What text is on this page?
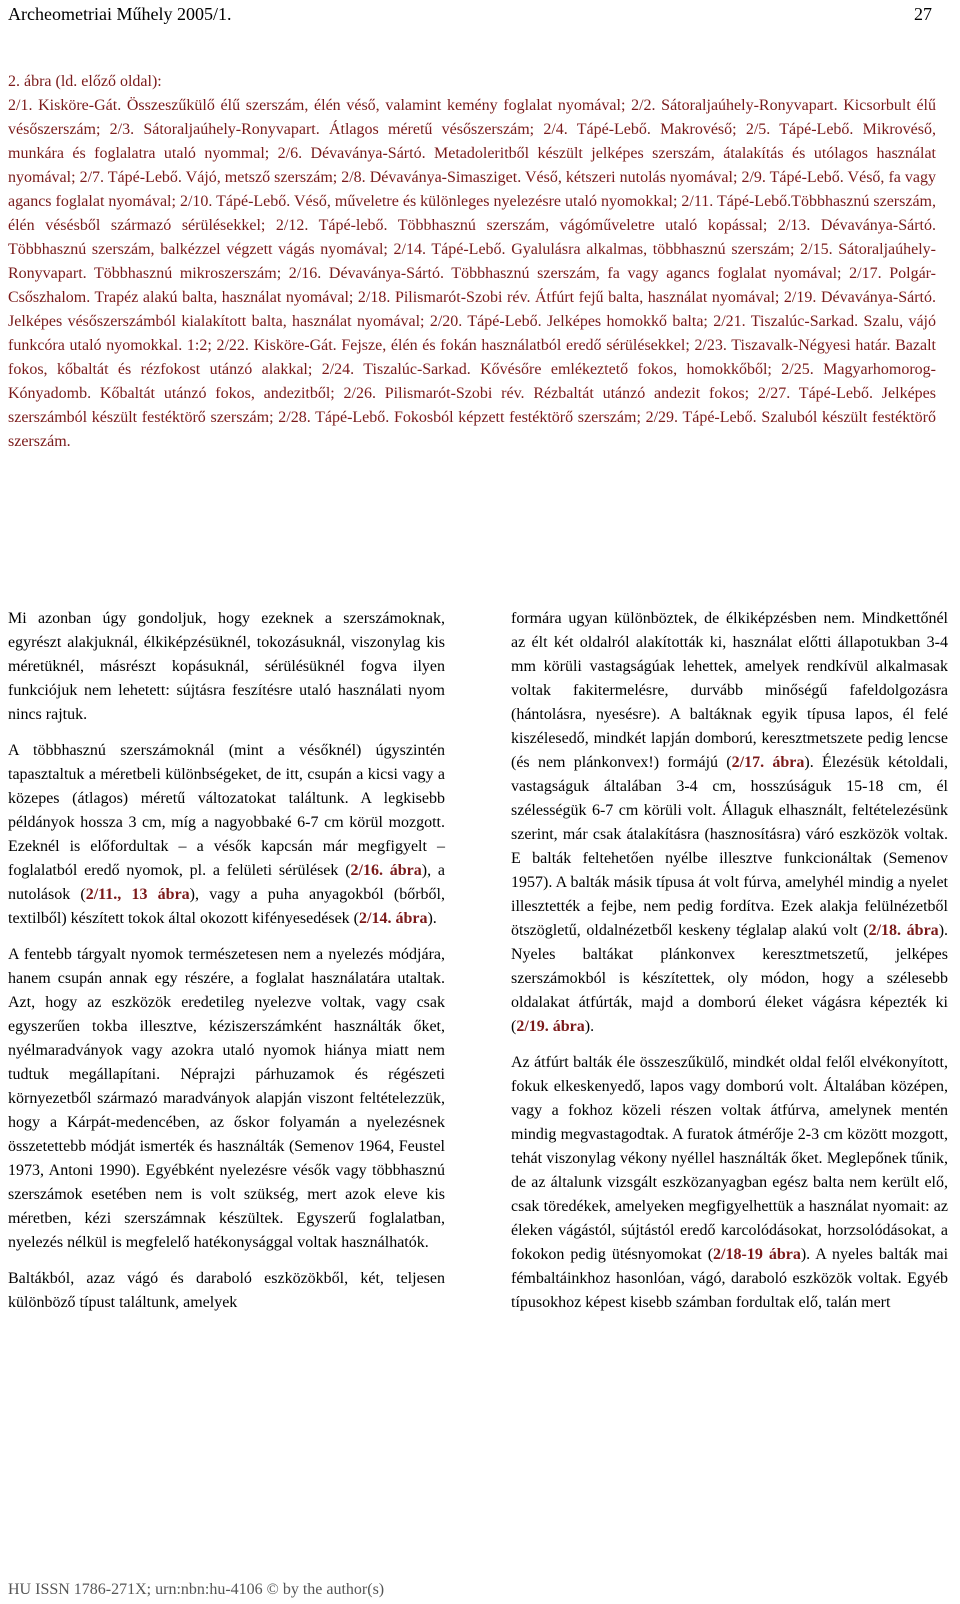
Archeometriai Műhely 2005/1.	27
2. ábra (ld. előző oldal):
2/1. Kisköre-Gát. Összeszűkülő élű szerszám, élén véső, valamint kemény foglalat nyomával; 2/2. Sátoraljaúhely-Ronyvapart. Kicsorbult élű vésőszerszám; 2/3. Sátoraljaúhely-Ronyvapart. Átlagos méretű vésőszerszám; 2/4. Tápé-Lebő. Makrovéső; 2/5. Tápé-Lebő. Mikrovéső, munkára és foglalatra utaló nyommal; 2/6. Dévaványa-Sártó. Metadoleritből készült jelképes szerszám, átalakítás és utólagos használat nyomával; 2/7. Tápé-Lebő. Vájó, metsző szerszám; 2/8. Dévaványa-Simasziget. Véső, kétszeri nutolás nyomával; 2/9. Tápé-Lebő. Véső, fa vagy agancs foglalat nyomával; 2/10. Tápé-Lebő. Véső, műveletre és különleges nyelezésre utaló nyomokkal; 2/11. Tápé-Lebő.Többhasznú szerszám, élén vésésből származó sérülésekkel; 2/12. Tápé-lebő. Többhasznú szerszám, vágóműveletre utaló kopással; 2/13. Dévaványa-Sártó. Többhasznú szerszám, balkézzel végzett vágás nyomával; 2/14. Tápé-Lebő. Gyalulásra alkalmas, többhasznú szerszám; 2/15. Sátoraljaúhely-Ronyvapart. Többhasznú mikroszerszám; 2/16. Dévaványa-Sártó. Többhasznú szerszám, fa vagy agancs foglalat nyomával; 2/17. Polgár-Csőszhalom. Trapéz alakú balta, használat nyomával; 2/18. Pilismarót-Szobi rév. Átfúrt fejű balta, használat nyomával; 2/19. Dévaványa-Sártó. Jelképes vésőszerszámból kialakított balta, használat nyomával; 2/20. Tápé-Lebő. Jelképes homokkő balta; 2/21. Tiszalúc-Sarkad. Szalu, vájó funkcóra utaló nyomokkal. 1:2; 2/22. Kisköre-Gát. Fejsze, élén és fokán használatból eredő sérülésekkel; 2/23. Tiszavalk-Négyesi határ. Bazalt fokos, kőbaltát és rézfokost utánzó alakkal; 2/24. Tiszalúc-Sarkad. Kővésőre emlékeztető fokos, homokkőből; 2/25. Magyarhomorog-Kónyadomb. Kőbaltát utánzó fokos, andezitből; 2/26. Pilismarót-Szobi rév. Rézbaltát utánzó andezit fokos; 2/27. Tápé-Lebő. Jelképes szerszámból készült festéktörő szerszám; 2/28. Tápé-Lebő. Fokosból képzett festéktörő szerszám; 2/29. Tápé-Lebő. Szaluból készült festéktörő szerszám.

Mi azonban úgy gondoljuk, hogy ezeknek a szerszámoknak, egyrészt alakjuknál, élkiképzésüknél, tokozásuknál, viszonylag kis méretüknél, másrészt kopásuknál, sérülésüknél fogva ilyen funkciójuk nem lehetett: sújtásra feszítésre utaló használati nyom nincs rajtuk.

A többhasznú szerszámoknál (mint a vésőknél) úgyszintén tapasztaltuk a méretbeli különbségeket, de itt, csupán a kicsi vagy a közepes (átlagos) méretű változatokat találtunk. A legkisebb példányok hossza 3 cm, míg a nagyobbaké 6-7 cm körül mozgott. Ezeknél is előfordultak – a vésők kapcsán már megfigyelt – foglalatból eredő nyomok, pl. a felületi sérülések (2/16. ábra), a nutolások (2/11., 13 ábra), vagy a puha anyagokból (bőrből, textilből) készített tokok által okozott kifényesedések (2/14. ábra).

A fentebb tárgyalt nyomok természetesen nem a nyelezés módjára, hanem csupán annak egy részére, a foglalat használatára utaltak. Azt, hogy az eszközök eredetileg nyelezve voltak, vagy csak egyszerűen tokba illesztve, kéziszerszámként használták őket, nyélmaradványok vagy azokra utaló nyomok hiánya miatt nem tudtuk megállapítani. Néprajzi párhuzamok és régészeti környezetből származó maradványok alapján viszont feltételezzük, hogy a Kárpát-medencében, az őskor folyamán a nyelezésnek összetettebb módját ismerték és használták (Semenov 1964, Feustel 1973, Antoni 1990). Egyébként nyelezésre vésők vagy többhasznú szerszámok esetében nem is volt szükség, mert azok eleve kis méretben, kézi szerszámnak készültek. Egyszerű foglalatban, nyelezés nélkül is megfelelő hatékonysággal voltak használhatók.

Baltákból, azaz vágó és daraboló eszközökből, két, teljesen különböző típust találtunk, amelyek

formára ugyan különböztek, de élkiképzésben nem. Mindkettőnél az élt két oldalról alakították ki, használat előtti állapotukban 3-4 mm körüli vastagságúak lehettek, amelyek rendkívül alkalmasak voltak fakitermelésre, durvább minőségű fafeldolgozásra (hántolásra, nyesésre). A baltáknak egyik típusa lapos, él felé kiszélesedő, mindkét lapján domború, keresztmetszete pedig lencse (és nem plánkonvex!) formájú (2/17. ábra). Élezésük kétoldali, vastagságuk általában 3-4 cm, hosszúságuk 15-18 cm, él szélességük 6-7 cm körüli volt. Állaguk elhasznált, feltételezésünk szerint, már csak átalakításra (hasznosításra) váró eszközök voltak. E balták feltehetően nyélbe illesztve funkcionáltak (Semenov 1957). A balták másik típusa át volt fúrva, amelyhél mindig a nyelet illesztették a fejbe, nem pedig fordítva. Ezek alakja felülnézetből ötszögletű, oldalnézetből keskeny téglalap alakú volt (2/18. ábra). Nyeles baltákat plánkonvex keresztmetszetű, jelképes szerszámokból is készítettek, oly módon, hogy a szélesebb oldalakat átfúrták, majd a domború éleket vágásra képezték ki (2/19. ábra).

Az átfúrt balták éle összeszűkülő, mindkét oldal felől elvékonyított, fokuk elkeskenyedő, lapos vagy domború volt. Általában középen, vagy a fokhoz közeli részen voltak átfúrva, amelynek mentén mindig megvastagodtak. A furatok átmérője 2-3 cm között mozgott, tehát viszonylag vékony nyéllel használták őket. Meglepőnek tűnik, de az általunk vizsgált eszközanyagban egész balta nem került elő, csak töredékek, amelyeken megfigyelhettük a használat nyomait: az éleken vágástól, sújtástól eredő karcolódásokat, horzsolódásokat, a fokokon pedig ütésnyomokat (2/18-19 ábra). A nyeles balták mai fémbaltáinkhoz hasonlóan, vágó, daraboló eszközök voltak. Egyéb típusokhoz képest kisebb számban fordultak elő, talán mert

HU ISSN 1786-271X; urn:nbn:hu-4106 © by the author(s)
